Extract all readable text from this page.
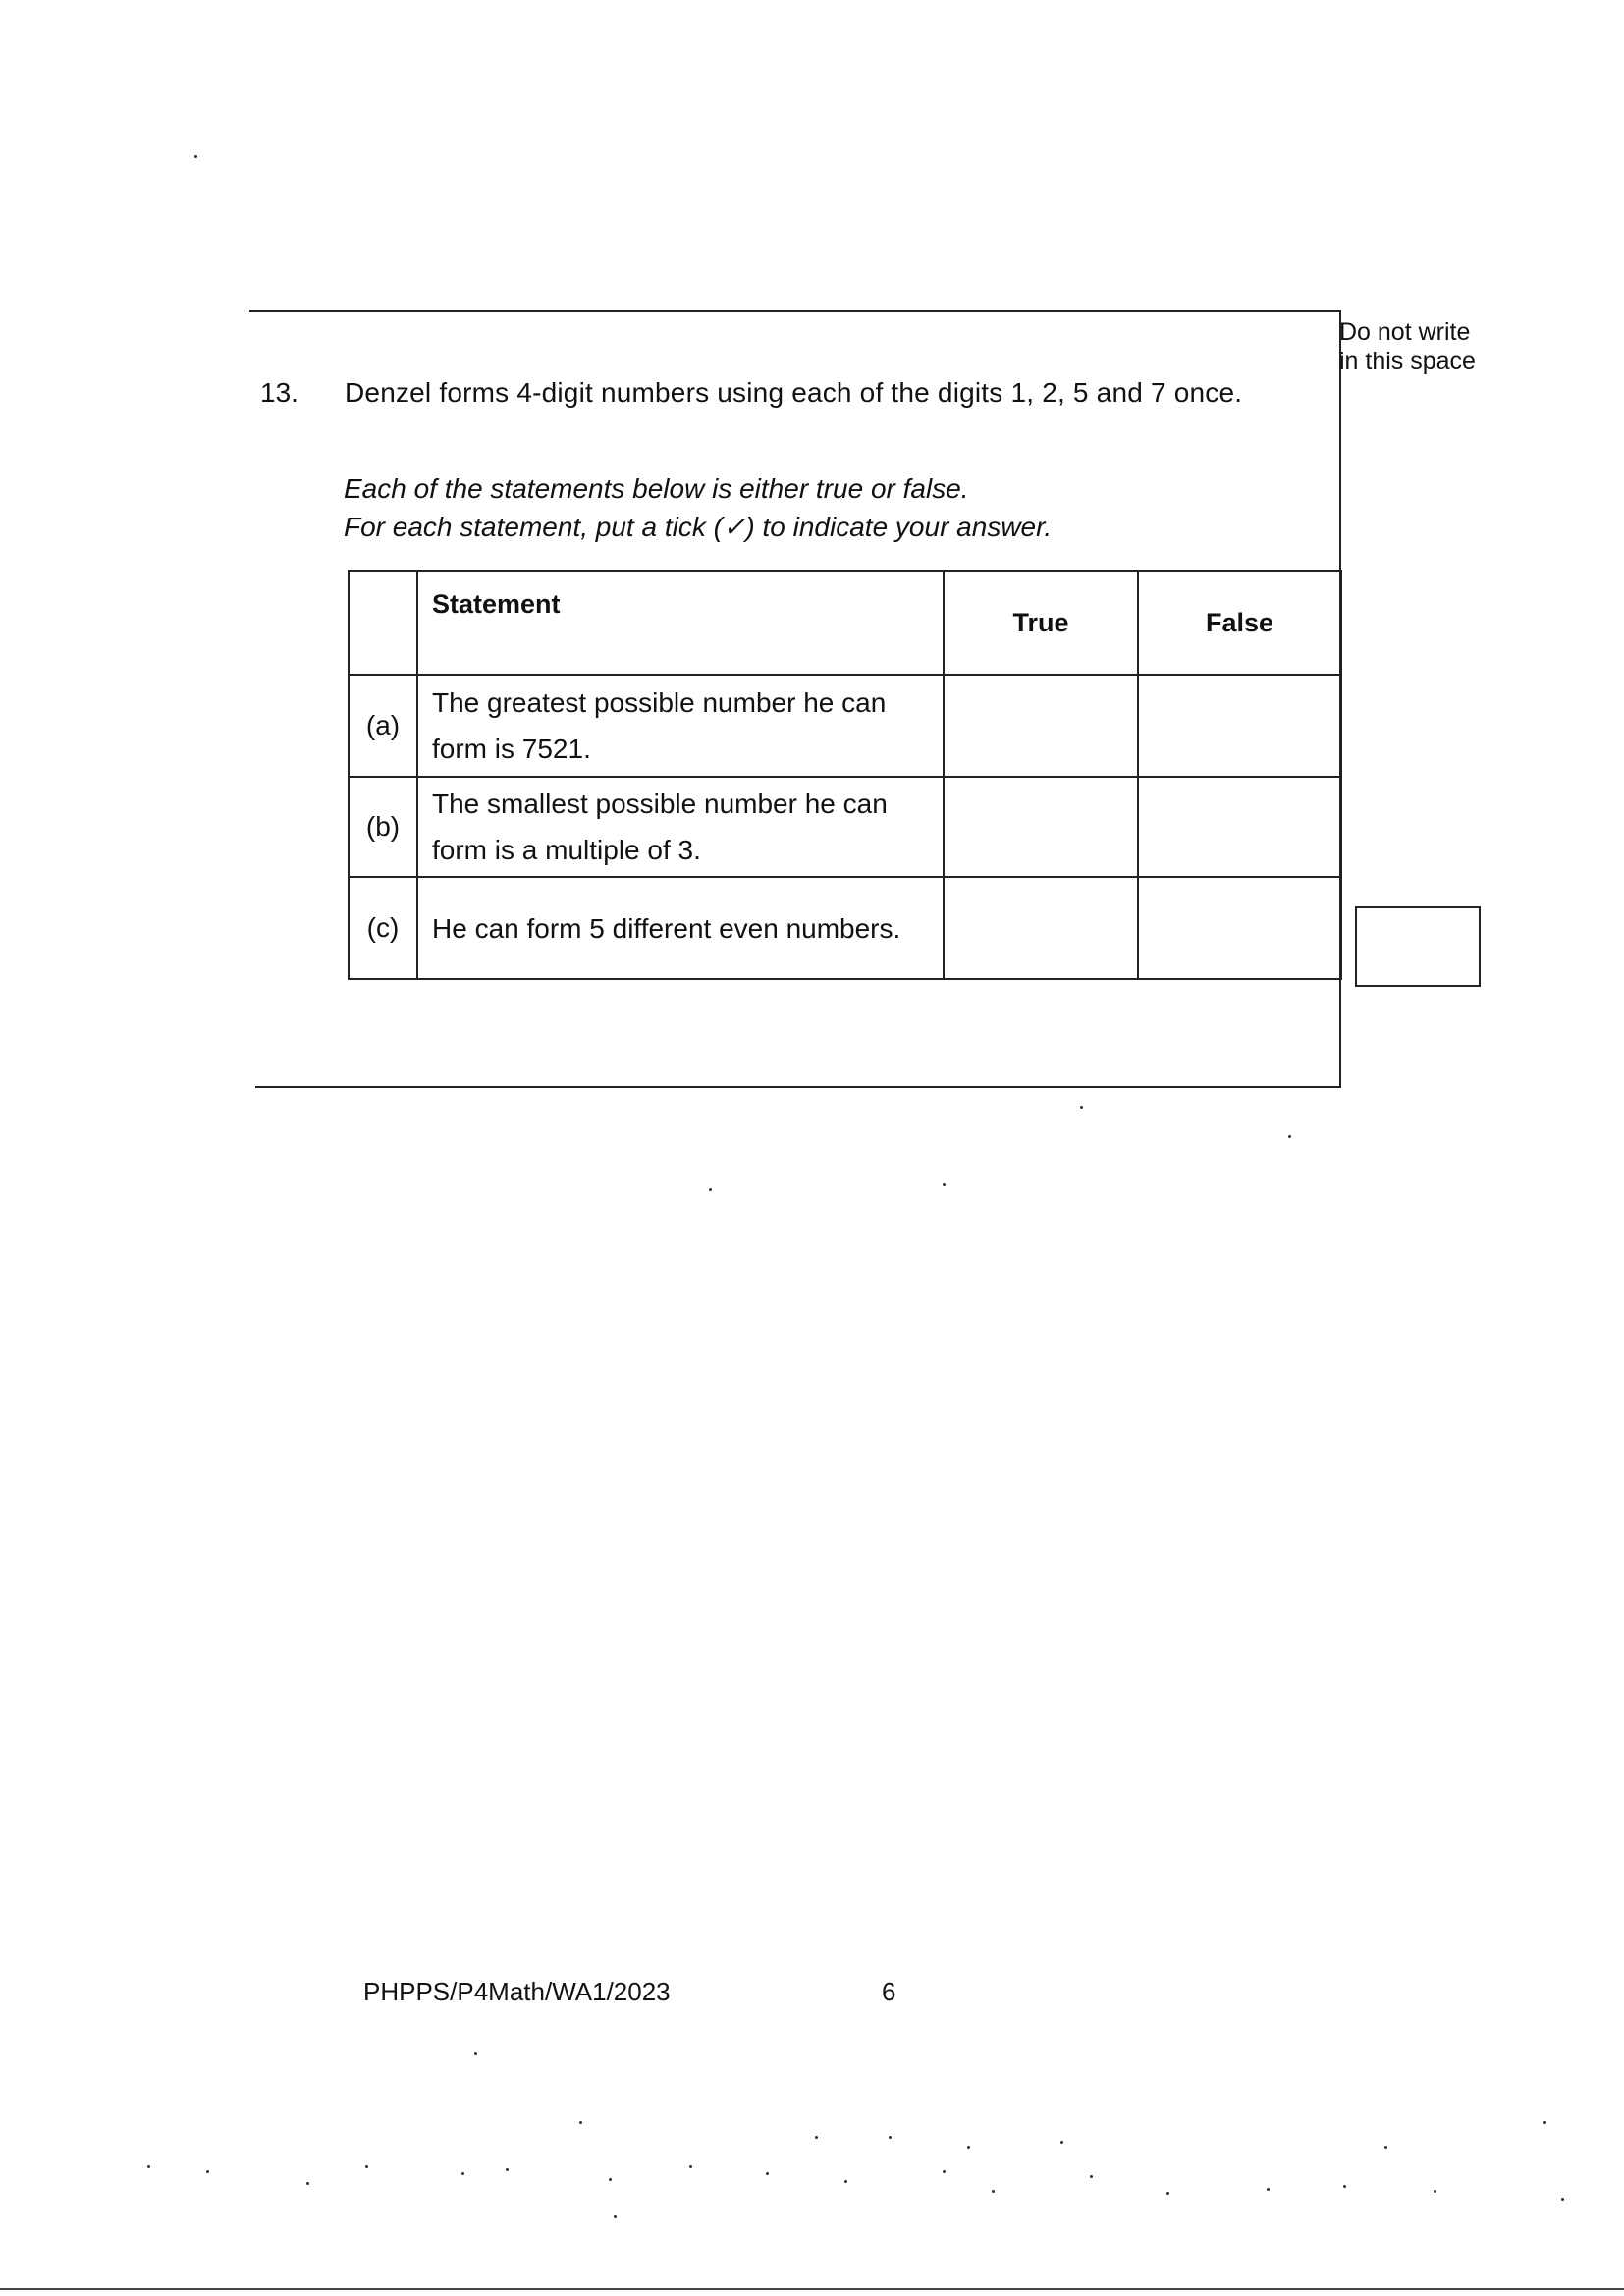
Do not write
in this space
13. Denzel forms 4-digit numbers using each of the digits 1, 2, 5 and 7 once.
Each of the statements below is either true or false.
For each statement, put a tick (✓) to indicate your answer.
	Statement	True	False
(a)	The greatest possible number he can
form is 7521.		

(b)	The smallest possible number he can
form is a multiple of 3.		

(c)	He can form 5 different even numbers.		

PHPPS/P4Math/WA1/2023	6
